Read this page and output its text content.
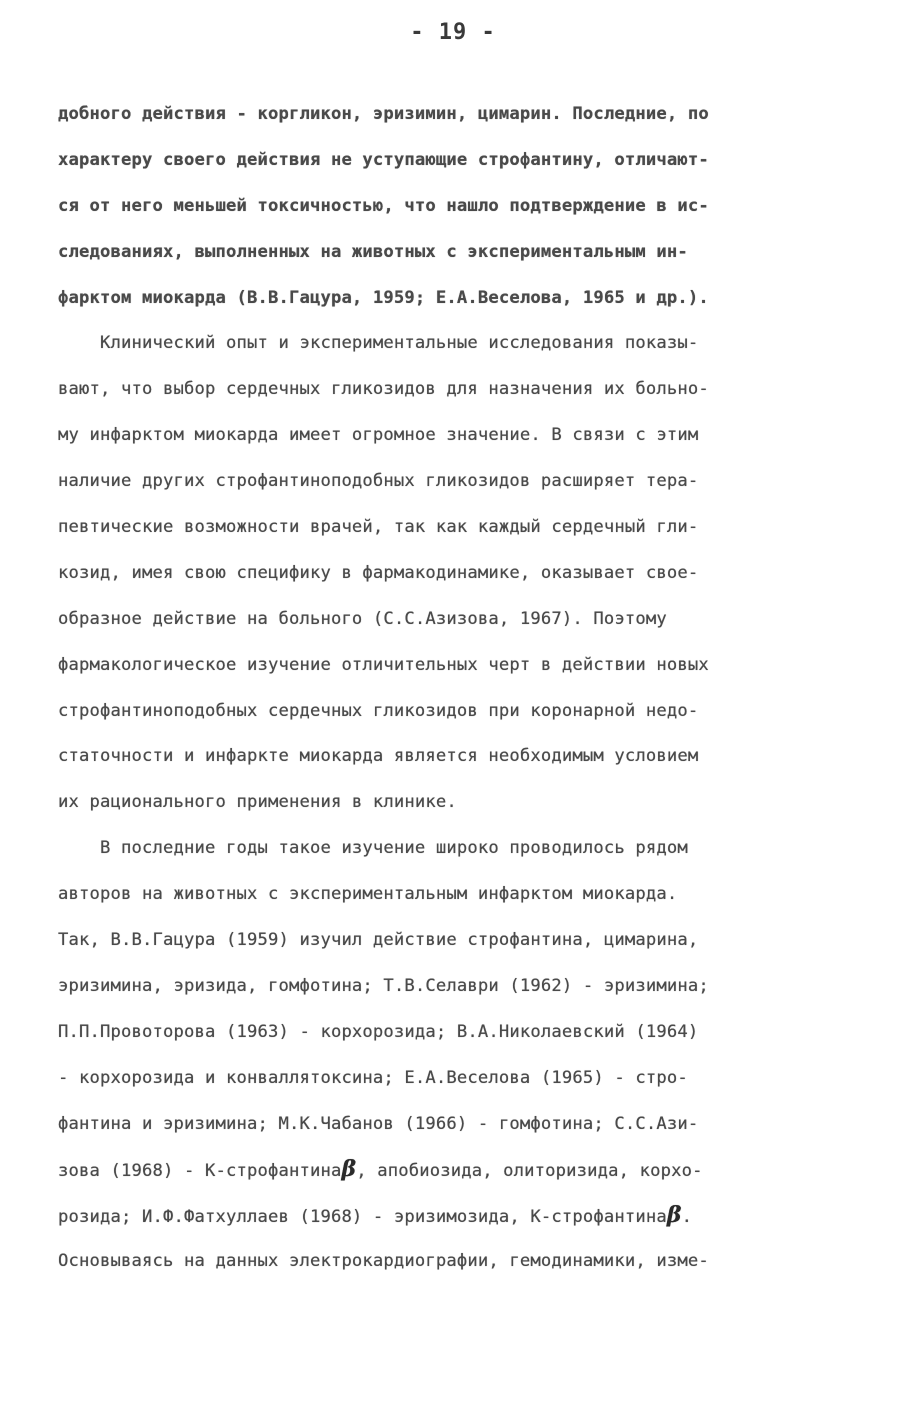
- 19 -
добного действия - коргликон, эризимин, цимарин. Последние, по
характеру своего действия не уступающие строфантину, отличают-
ся от него меньшей токсичностью, что нашло подтверждение в ис-
следованиях, выполненных на животных с экспериментальным ин-
фарктом миокарда (В.В.Гацура, 1959; Е.А.Веселова, 1965 и др.).
Клинический опыт и экспериментальные исследования показы-
вают, что выбор сердечных гликозидов для назначения их больно-
му инфарктом миокарда имеет огромное значение. В связи с этим
наличие других строфантиноподобных гликозидов расширяет тера-
певтические возможности врачей, так как каждый сердечный гли-
козид, имея свою специфику в фармакодинамике, оказывает свое-
образное действие на больного (С.С.Азизова, 1967). Поэтому
фармакологическое изучение отличительных черт в действии новых
строфантиноподобных сердечных гликозидов при коронарной недо-
статочности и инфаркте миокарда является необходимым условием
их рационального применения в клинике.
В последние годы такое изучение широко проводилось рядом
авторов на животных с экспериментальным инфарктом миокарда.
Так, В.В.Гацура (1959) изучил действие строфантина, цимарина,
эризимина, эризида, гомфотина; Т.В.Селаври (1962) - эризимина;
П.П.Провоторова (1963) - корхорозида; В.А.Николаевский (1964)
- корхорозида и конваллятоксина; Е.А.Веселова (1965) - стро-
фантина и эризимина; М.К.Чабанов (1966) - гомфотина; С.С.Ази-
зова (1968) - К-строфантинаβ, апобиозида, олиторизида, корхо-
розида; И.Ф.Фатхуллаев (1968) - эризимозида, К-строфантинаβ.
Основываясь на данных электрокардиографии, гемодинамики, изме-
